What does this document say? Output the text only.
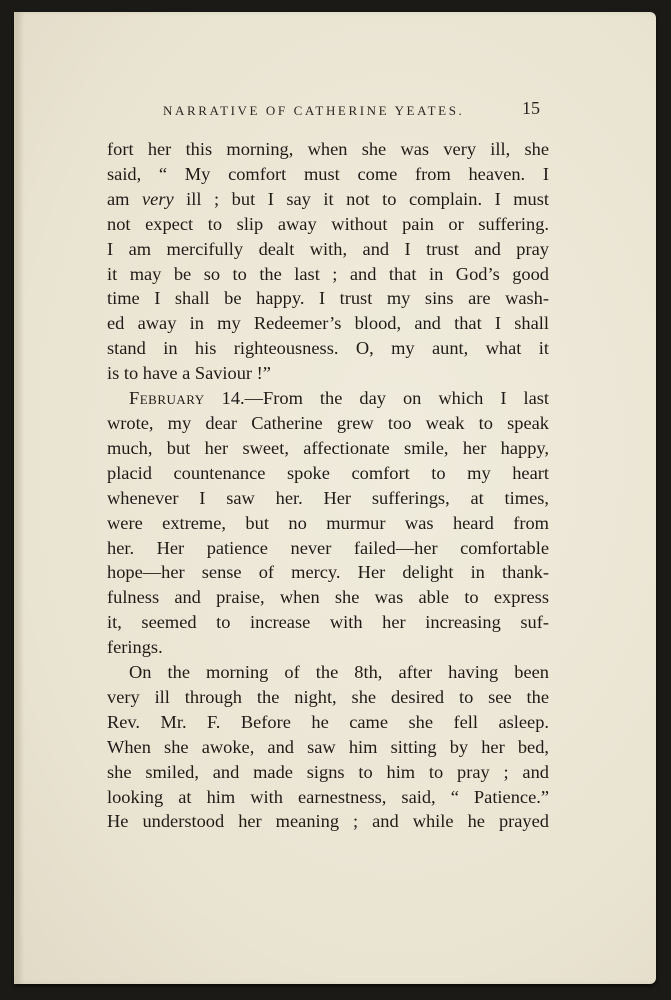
NARRATIVE OF CATHERINE YEATES.	15
fort her this morning, when she was very ill, she
said, “ My comfort must come from heaven. I
am very ill ; but I say it not to complain. I must
not expect to slip away without pain or suffering.
I am mercifully dealt with, and I trust and pray
it may be so to the last ; and that in God’s good
time I shall be happy. I trust my sins are wash-
ed away in my Redeemer’s blood, and that I shall
stand in his righteousness. O, my aunt, what it
is to have a Saviour !”
February 14.—From the day on which I last
wrote, my dear Catherine grew too weak to speak
much, but her sweet, affectionate smile, her happy,
placid countenance spoke comfort to my heart
whenever I saw her. Her sufferings, at times,
were extreme, but no murmur was heard from
her. Her patience never failed—her comfortable
hope—her sense of mercy. Her delight in thank-
fulness and praise, when she was able to express
it, seemed to increase with her increasing suf-
ferings.
On the morning of the 8th, after having been
very ill through the night, she desired to see the
Rev. Mr. F. Before he came she fell asleep.
When she awoke, and saw him sitting by her bed,
she smiled, and made signs to him to pray ; and
looking at him with earnestness, said, “ Patience.”
He understood her meaning ; and while he prayed
